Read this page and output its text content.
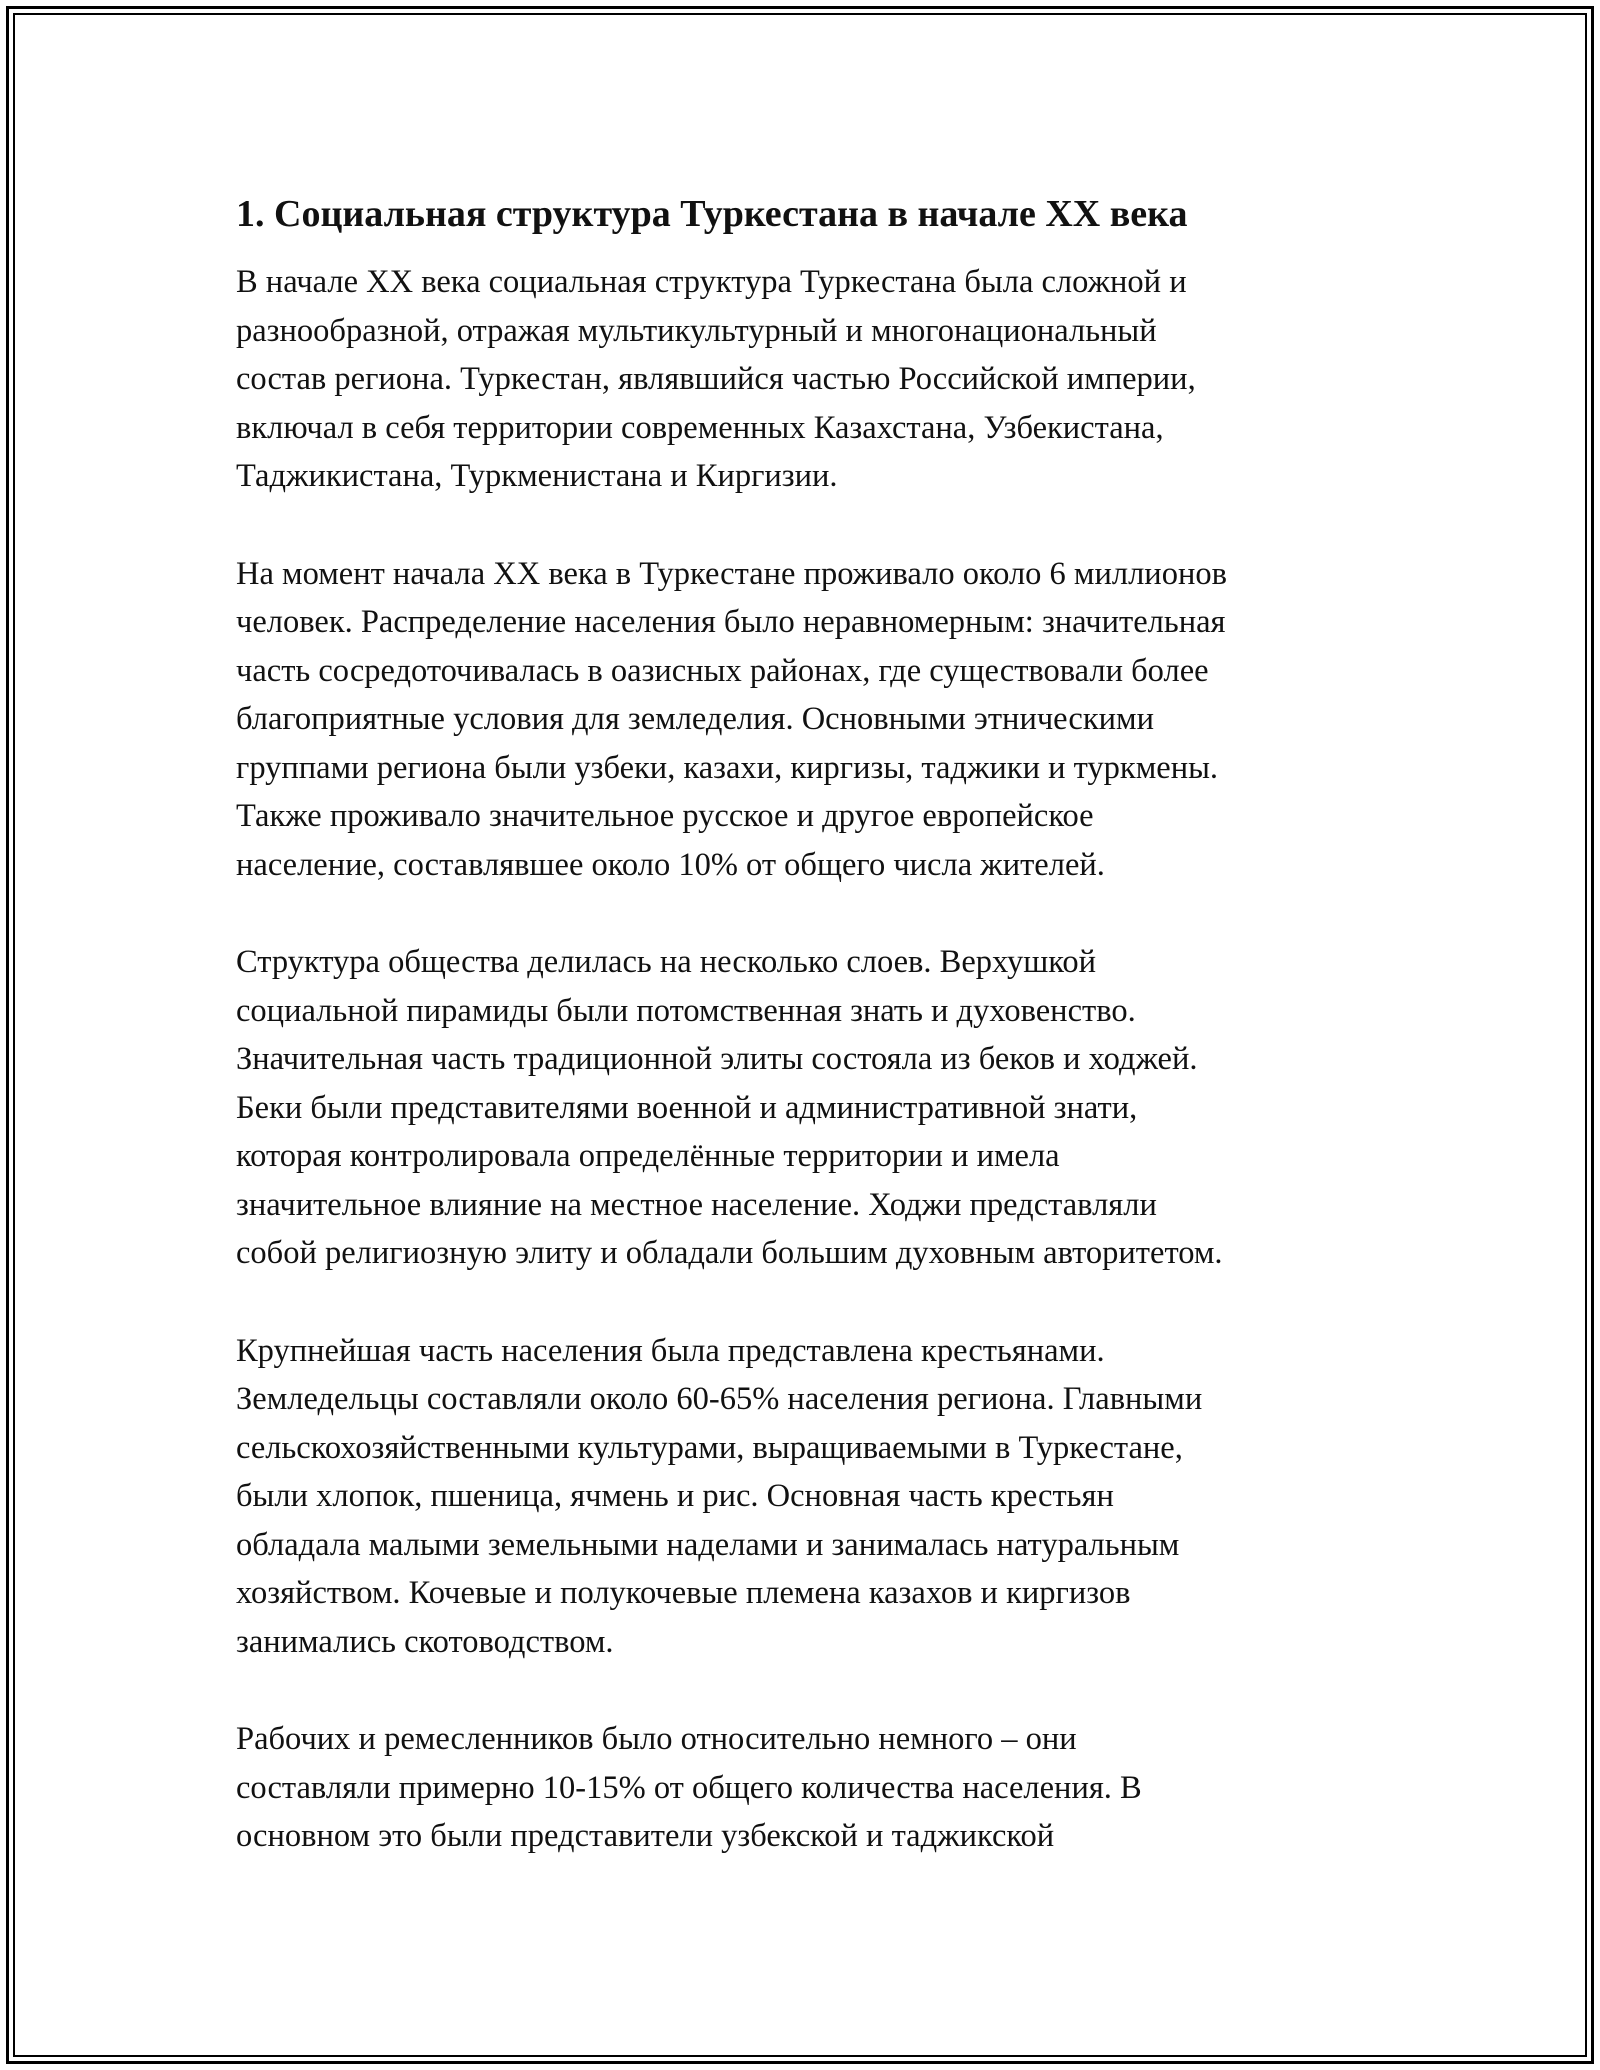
1. Социальная структура Туркестана в начале XX века

В начале XX века социальная структура Туркестана была сложной и
разнообразной, отражая мультикультурный и многонациональный
состав региона. Туркестан, являвшийся частью Российской империи,
включал в себя территории современных Казахстана, Узбекистана,
Таджикистана, Туркменистана и Киргизии.

На момент начала XX века в Туркестане проживало около 6 миллионов
человек. Распределение населения было неравномерным: значительная
часть сосредоточивалась в оазисных районах, где существовали более
благоприятные условия для земледелия. Основными этническими
группами региона были узбеки, казахи, киргизы, таджики и туркмены.
Также проживало значительное русское и другое европейское
население, составлявшее около 10% от общего числа жителей.

Структура общества делилась на несколько слоев. Верхушкой
социальной пирамиды были потомственная знать и духовенство.
Значительная часть традиционной элиты состояла из беков и ходжей.
Беки были представителями военной и административной знати,
которая контролировала определённые территории и имела
значительное влияние на местное население. Ходжи представляли
собой религиозную элиту и обладали большим духовным авторитетом.

Крупнейшая часть населения была представлена крестьянами.
Земледельцы составляли около 60-65% населения региона. Главными
сельскохозяйственными культурами, выращиваемыми в Туркестане,
были хлопок, пшеница, ячмень и рис. Основная часть крестьян
обладала малыми земельными наделами и занималась натуральным
хозяйством. Кочевые и полукочевые племена казахов и киргизов
занимались скотоводством.

Рабочих и ремесленников было относительно немного – они
составляли примерно 10-15% от общего количества населения. В
основном это были представители узбекской и таджикской
